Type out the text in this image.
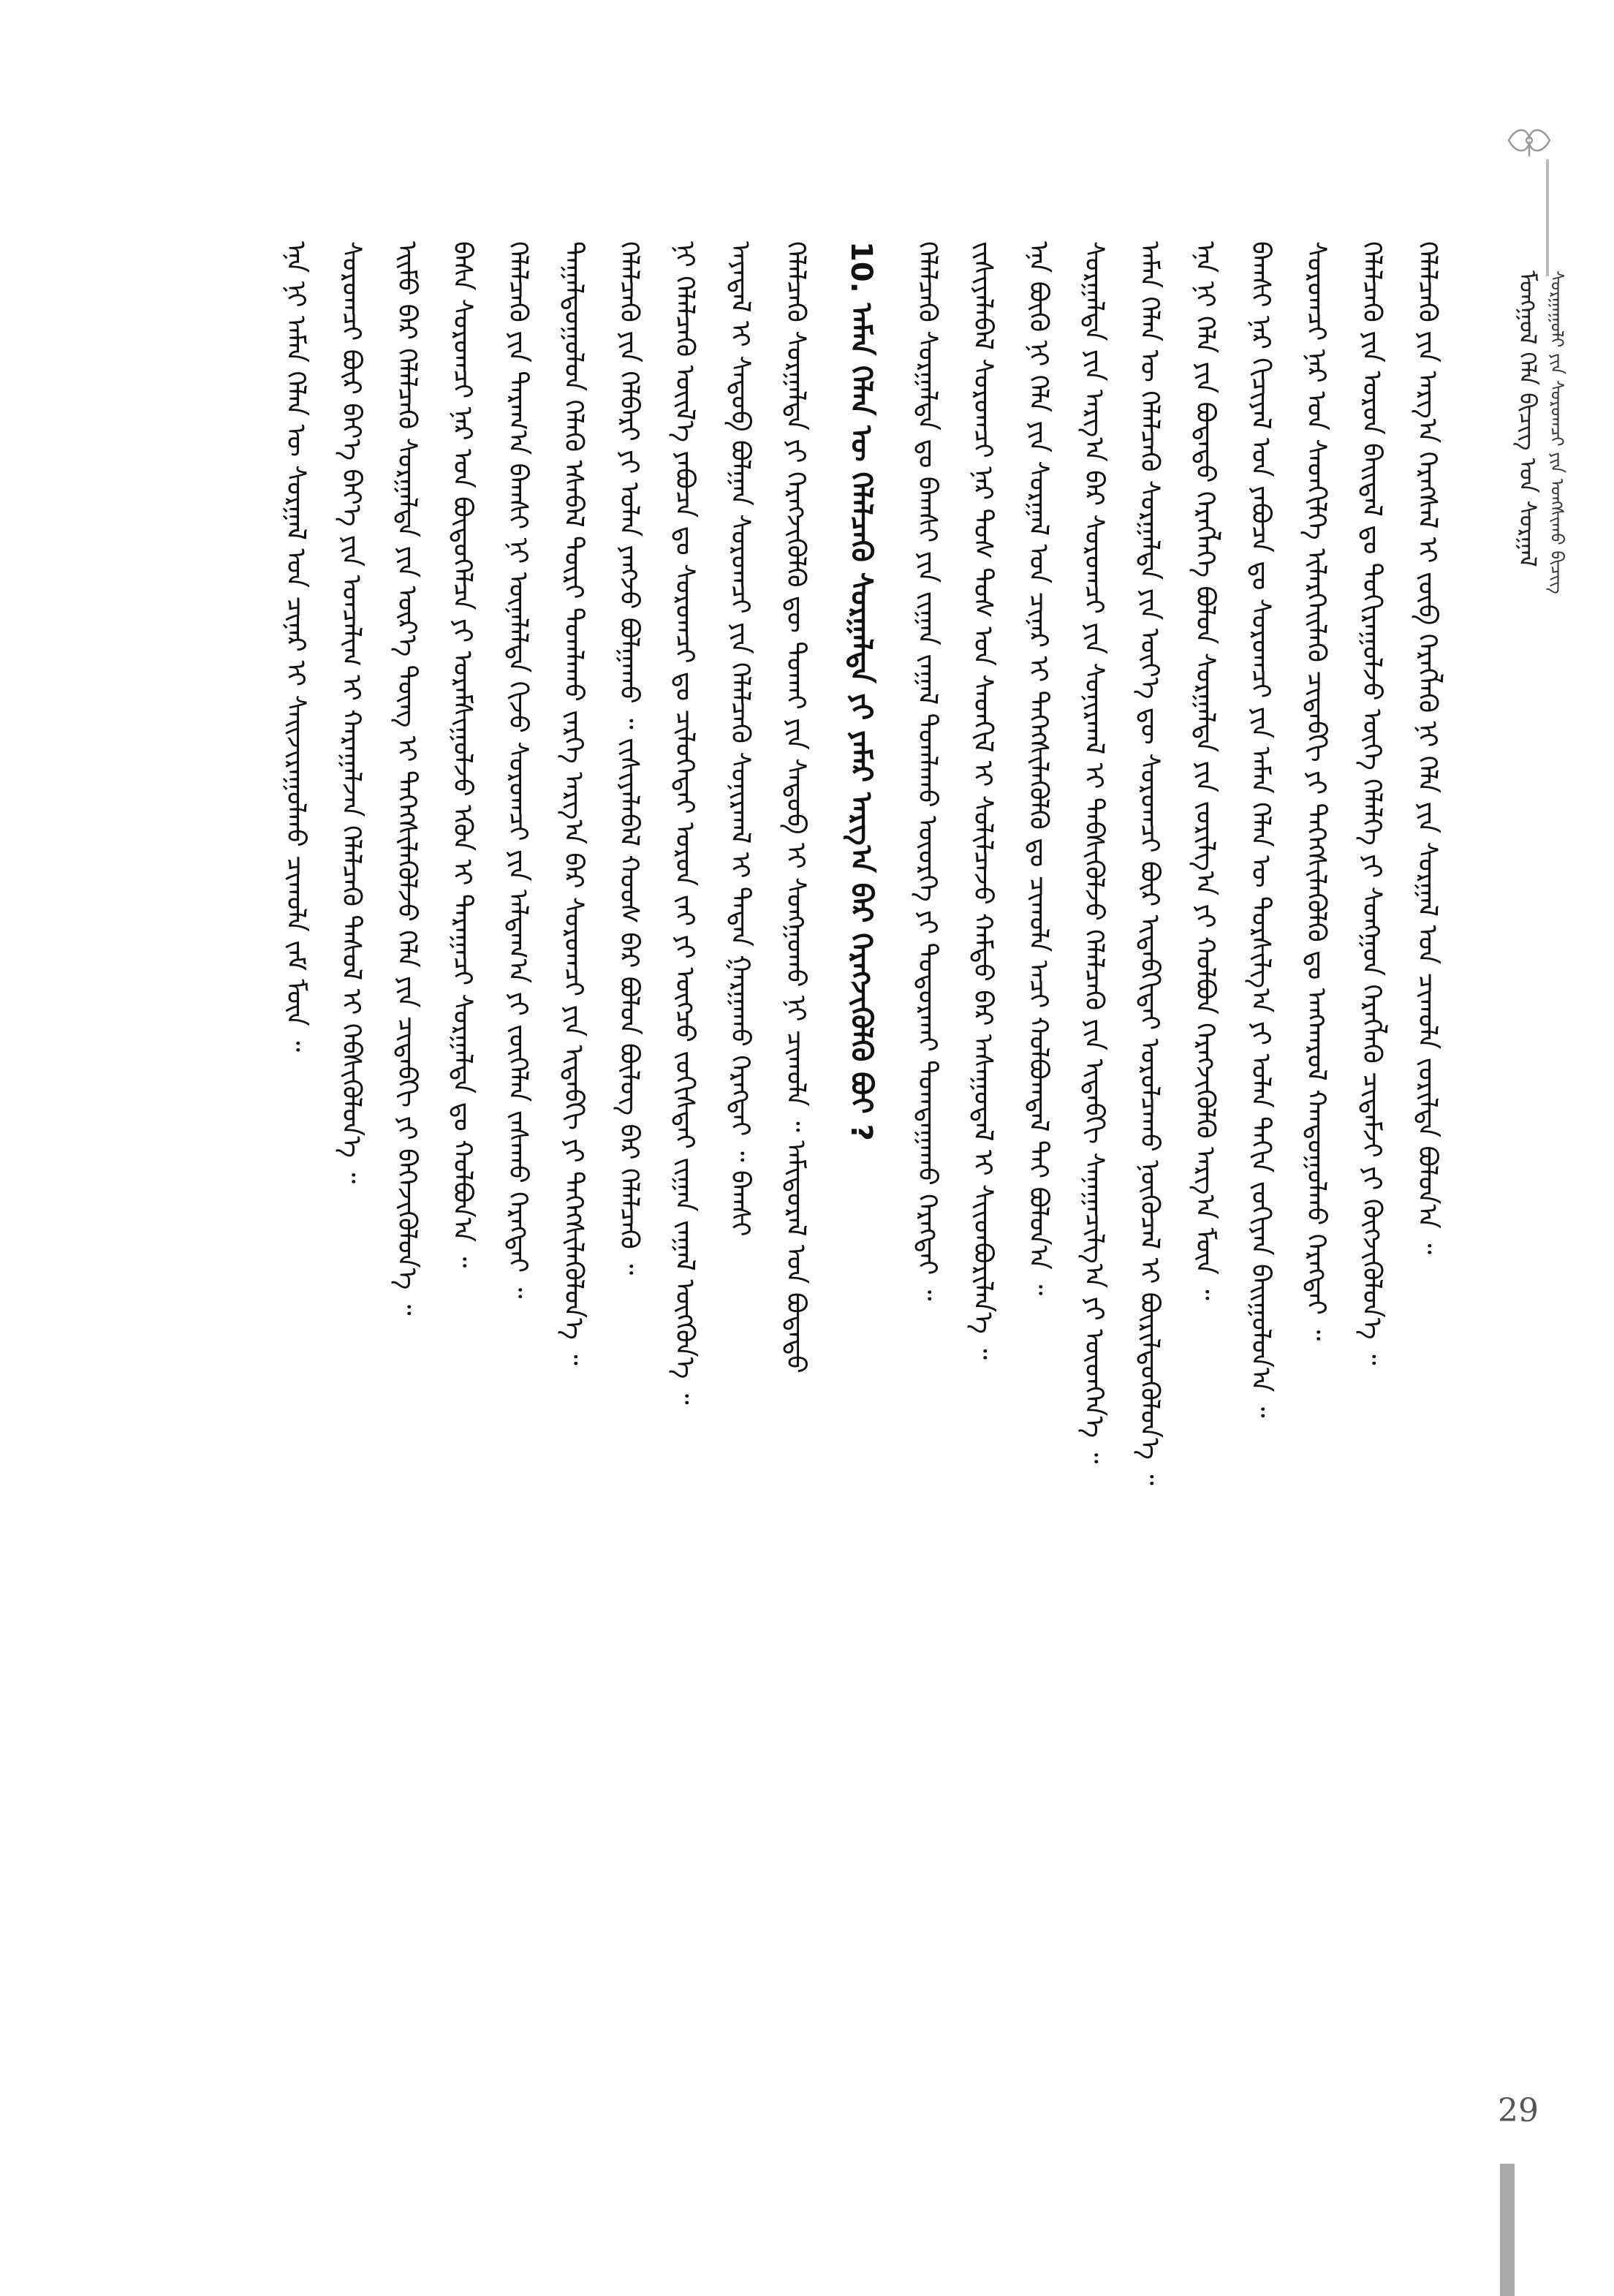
ᠮᠣᠩᠭᠣᠯ ᠬᠡᠯᠡ ᠪᠢᠴᠢᠭ ᠤᠨ ᠰᠤᠷᠭᠠᠯ ᠰᠤᠷᠭᠠᠭᠤᠯᠢ ᠶᠢᠨ ᠰᠤᠷᠤᠭᠴᠢ ᠶᠢᠨ ᠤᠩᠰᠢᠬᠤ ᠪᠢᠴᠢᠭ
ᠬᠡᠯᠡᠯᠴᠡᠬᠦ ᠶᠢᠨ ᠠᠷᠭ᠎ᠠ ᠬᠡᠷᠡᠭᠰᠡᠯ ᠢ ᠵᠥᠪ ᠬᠡᠷᠡᠭᠯᠡᠬᠦ ᠨᠢ ᠬᠡᠯᠡ ᠶᠢᠨ ᠰᠤᠷᠭᠠᠯ ᠤᠨ ᠴᠢᠬᠤᠯᠠ ᠵᠣᠷᠢᠯᠲᠠ ᠪᠣᠯᠤᠨ᠎ᠠ ᠃
ᠬᠡᠯᠡᠯᠴᠡᠬᠦ ᠶᠢᠨ ᠤᠷᠤᠨ ᠪᠠᠢᠳᠠᠯ ᠳᠤ ᠲᠣᠬᠢᠷᠠᠭᠤᠯᠵᠤ ᠦᠭᠡ ᠬᠡᠯᠡᠯᠭᠡ ᠶᠢ ᠰᠣᠩᠭᠣᠨ ᠬᠡᠷᠡᠭᠯᠡᠬᠦ ᠴᠢᠳᠠᠮᠵᠢ ᠶᠢ ᠬᠥᠭᠵᠢᠭᠦᠯᠦᠨ᠎ᠡ ᠃
ᠰᠤᠷᠤᠭᠴᠢ ᠨᠠᠷ ᠤᠨ ᠰᠡᠳᠬᠢᠯᠭᠡ ᠢᠯᠡᠷᠭᠡᠢᠯᠡᠬᠦ ᠴᠢᠳᠠᠪᠬᠢ ᠶᠢ ᠳᠡᠭᠡᠭᠰᠢᠯᠡᠭᠦᠯᠬᠦ ᠳᠤ ᠠᠩᠬᠠᠷᠤᠯ ᠬᠠᠨᠳᠤᠭᠤᠯᠬᠤ ᠬᠡᠷᠡᠭᠲᠡᠢ ᠃
ᠪᠠᠭᠰᠢ ᠨᠠᠷ ᠬᠢᠴᠢᠶᠡᠯ ᠤᠨ ᠶᠠᠪᠤᠴᠠ ᠳᠤ ᠰᠤᠷᠤᠭᠴᠢ ᠶᠢᠨ ᠠᠮᠠᠨ ᠬᠡᠯᠡᠨ ᠦ ᠲᠤᠷᠰᠢᠯᠭ᠎ᠠ ᠶᠢ ᠣᠯᠠᠨ ᠳᠠᠬᠢᠨ ᠵᠣᠬᠢᠶᠠᠨ ᠪᠠᠢᠭᠤᠯᠤᠨ᠎ᠠ ᠃
ᠡᠨᠡ ᠨᠢ ᠬᠡᠯᠡ ᠶᠢᠨ ᠪᠣᠳᠠᠲᠤ ᠬᠡᠷᠡᠭᠯᠡᠭᠡ ᠪᠣᠯᠤᠨ ᠰᠤᠷᠭᠠᠯᠲᠠ ᠶᠢᠨ ᠵᠣᠷᠢᠯᠭ᠎ᠠ ᠶᠢ ᠬᠣᠯᠪᠣᠨ ᠬᠡᠷᠡᠭᠵᠢᠭᠦᠯᠬᠦ ᠠᠷᠭ᠎ᠠ ᠮᠥᠨ ᠃
ᠠᠮᠠᠨ ᠬᠡᠯᠡᠨ ᠦ ᠬᠡᠯᠡᠯᠴᠡᠬᠦ ᠰᠤᠷᠭᠠᠯᠲᠠ ᠶᠢᠨ ᠦᠶ᠎ᠡ ᠳᠦ ᠰᠤᠷᠤᠭᠴᠢ ᠪᠦᠷ ᠢᠳᠡᠪᠬᠢᠲᠡᠢ ᠣᠷᠣᠯᠴᠠᠬᠤ ᠨᠥᠬᠦᠴᠡᠯ ᠢ ᠪᠦᠷᠢᠯᠳᠦᠭᠦᠯᠦᠨ᠎ᠡ ᠃
ᠰᠤᠷᠭᠠᠯᠲᠠ ᠶᠢᠨ ᠠᠷᠭ᠎ᠠ ᠪᠠᠷ ᠰᠤᠷᠤᠭᠴᠢ ᠶᠢᠨ ᠰᠣᠨᠢᠷᠬᠠᠯ ᠢ ᠳᠡᠪᠰᠢᠭᠦᠯᠵᠦ ᠬᠡᠯᠡᠯᠴᠡᠬᠦ ᠶᠢᠨ ᠢᠳᠡᠪᠬᠢ ᠰᠠᠨᠠᠭᠠᠴᠢᠯᠭ᠎ᠠ ᠶᠢ ᠥᠳᠬᠡᠨ᠎ᠡ ᠃
ᠡᠨᠡ ᠪᠦᠬᠦ ᠨᠢ ᠬᠡᠯᠡ ᠶᠢᠨ ᠰᠤᠷᠭᠠᠯ ᠤᠨ ᠴᠢᠨᠠᠷ ᠢ ᠳᠡᠭᠡᠭᠰᠢᠯᠡᠭᠦᠯᠬᠦ ᠳᠤ ᠴᠢᠬᠤᠯᠠ ᠠᠴᠢ ᠬᠣᠯᠪᠣᠭᠳᠠᠯ ᠲᠠᠢ ᠪᠣᠯᠤᠨ᠎ᠠ ᠃
ᠵᠢᠱᠢᠶᠡᠯᠡᠪᠡᠯ ᠰᠤᠷᠤᠭᠴᠢ ᠨᠠᠷ ᠲᠤᠰ ᠲᠤᠰ ᠤᠨ ᠰᠡᠳᠬᠢᠯ ᠢ ᠰᠣᠯᠢᠯᠴᠠᠵᠤ ᠬᠠᠮᠲᠤ ᠪᠡᠷ ᠠᠰᠠᠭᠤᠳᠠᠯ ᠢ ᠰᠢᠢᠳᠪᠦᠷᠢᠯᠡᠨ᠎ᠡ ᠃
ᠬᠡᠯᠡᠯᠴᠡᠬᠦ ᠰᠤᠷᠭᠠᠯᠲᠠ ᠳᠤ ᠪᠠᠭᠰᠢ ᠶᠢᠨ ᠵᠢᠭᠠᠨ ᠵᠠᠭᠠᠯ ᠲᠣᠭᠯᠠᠬᠤ ᠦᠦᠷᠭᠡ ᠶᠢ ᠲᠣᠳᠤᠷᠬᠠᠢ ᠲᠣᠭᠲᠠᠭᠠᠬᠤ ᠬᠡᠷᠡᠭᠲᠡᠢ ᠃
10. ᠠᠮᠠᠨ ᠬᠡᠯᠡᠨ ᠦ ᠬᠡᠯᠡᠯᠴᠡᠬᠦ ᠰᠤᠷᠭᠠᠯᠲᠠ ᠶᠢ ᠶᠠᠮᠠᠷ ᠠᠷᠭ᠎ᠠ ᠪᠠᠷ ᠬᠡᠷᠡᠭᠵᠢᠭᠦᠯᠬᠦ ᠪᠤᠢ ?
ᠬᠡᠯᠡᠯᠴᠡᠬᠦ ᠰᠤᠷᠭᠠᠯᠲᠠ ᠶᠢ ᠬᠡᠷᠡᠭᠵᠢᠭᠦᠯᠬᠦ ᠳᠦ ᠲᠤᠬᠠᠢ ᠶᠢᠨ ᠰᠡᠳᠦᠪ ᠢ ᠰᠣᠩᠭᠣᠬᠤ ᠨᠢ ᠴᠢᠬᠤᠯᠠ ᠃ ᠠᠮᠢᠳᠤᠷᠠᠯ ᠤᠨ ᠪᠣᠳᠠᠲᠤ
ᠠᠶᠠᠳᠠᠯ ᠢ ᠰᠡᠳᠦᠪ ᠪᠣᠯᠭᠠᠨ ᠰᠤᠷᠤᠭᠴᠢ ᠶᠢᠨ ᠬᠡᠯᠡᠯᠴᠡᠬᠦ ᠰᠣᠨᠢᠷᠬᠠᠯ ᠢ ᠲᠠᠲᠠᠨ ᠭᠠᠷᠭᠠᠬᠤ ᠬᠡᠷᠡᠭᠲᠡᠢ ᠃ ᠪᠠᠭᠰᠢ
ᠨᠢ ᠬᠡᠯᠡᠯᠴᠡᠬᠦ ᠦᠢᠯ᠎ᠡ ᠶᠠᠪᠤᠴᠠ ᠳᠤ ᠰᠤᠷᠤᠭᠴᠢ ᠳᠤ ᠴᠢᠯᠦᠭᠡᠲᠡᠢ ᠤᠷᠤᠨ ᠵᠠᠢ ᠶᠢ ᠥᠭᠴᠦ ᠵᠣᠬᠢᠰᠲᠠᠢ ᠵᠢᠭᠠᠨ ᠵᠠᠭᠠᠯ ᠥᠭᠭᠦᠨ᠎ᠡ ᠃
ᠬᠡᠯᠡᠯᠴᠡᠬᠦ ᠶᠢᠨ ᠬᠡᠯᠪᠡᠷᠢ ᠶᠢ ᠣᠯᠠᠨ ᠶᠠᠩᠵᠤ ᠪᠣᠯᠭᠠᠬᠤ ᠃ ᠵᠢᠱᠢᠶᠡᠯᠡᠪᠡᠯ ᠬᠣᠣᠰ ᠪᠡᠷ ᠪᠣᠯᠤᠨ ᠪᠦᠯᠦᠭ ᠪᠡᠷ ᠬᠡᠯᠡᠯᠴᠡᠬᠦ ᠃
ᠳᠠᠭᠠᠯᠳᠤᠭᠤᠯᠤᠨ ᠬᠡᠯᠡᠬᠦ ᠡᠰᠡᠪᠡᠯ ᠳᠦᠷᠢ ᠲᠣᠭᠯᠠᠬᠤ ᠵᠡᠷᠭᠡ ᠠᠷᠭ᠎ᠠ ᠪᠠᠷ ᠰᠤᠷᠤᠭᠴᠢ ᠶᠢᠨ ᠢᠳᠡᠪᠬᠢ ᠶᠢ ᠳᠡᠭᠡᠭᠰᠢᠯᠡᠭᠦᠯᠦᠨ᠎ᠡ ᠃
ᠬᠡᠯᠡᠯᠴᠡᠬᠦ ᠶᠢᠨ ᠳᠠᠷᠠᠭ᠎ᠠ ᠪᠠᠭᠰᠢ ᠨᠢ ᠦᠨᠡᠯᠡᠯᠲᠡ ᠬᠢᠵᠦ ᠰᠤᠷᠤᠭᠴᠢ ᠶᠢᠨ ᠠᠯᠳᠠᠭ᠎ᠠ ᠶᠢ ᠵᠥᠭᠡᠯᠡᠨ ᠵᠠᠰᠠᠬᠤ ᠬᠡᠷᠡᠭᠲᠡᠢ ᠃
ᠪᠡᠰᠡ ᠰᠤᠷᠤᠭᠴᠢ ᠨᠠᠷ ᠤᠨ ᠪᠦᠲᠦᠭᠡᠯᠴᠡ ᠶᠢ ᠤᠷᠠᠮᠰᠢᠭᠤᠯᠵᠤ ᠡᠭᠦᠨ ᠢ ᠳᠠᠷᠠᠭᠠᠴᠢ ᠰᠤᠷᠭᠠᠯᠲᠠ ᠳᠤ ᠬᠣᠯᠪᠣᠨ᠎ᠠ ᠃
ᠡᠢᠮᠦ ᠪᠡᠷ ᠬᠡᠯᠡᠯᠴᠡᠬᠦ ᠰᠤᠷᠭᠠᠯᠲᠠ ᠶᠢᠨ ᠦᠷ᠎ᠡ ᠳᠦᠩ ᠢ ᠳᠡᠭᠡᠭᠰᠢᠯᠡᠭᠦᠯᠵᠦ ᠬᠡᠯᠡ ᠶᠢᠨ ᠴᠢᠳᠠᠪᠬᠢ ᠶᠢ ᠪᠡᠬᠡᠵᠢᠭᠦᠯᠦᠨ᠎ᠡ ᠃
ᠰᠤᠷᠤᠭᠴᠢ ᠪᠦᠷ ᠪᠡᠶ᠎ᠡ ᠪᠡᠶ᠎ᠡ ᠶᠢᠨ ᠣᠨᠴᠠᠯᠢᠭ ᠢ ᠬᠠᠷᠠᠭᠠᠯᠵᠠᠨ ᠬᠡᠯᠡᠯᠴᠡᠬᠦ ᠳᠠᠰᠤᠯ ᠢ ᠬᠡᠪᠰᠢᠭᠦᠯᠦᠨ᠎ᠡ ᠃
ᠡᠨᠡ ᠨᠢ ᠠᠮᠠᠨ ᠬᠡᠯᠡᠨ ᠦ ᠰᠤᠷᠭᠠᠯ ᠤᠨ ᠴᠢᠨᠠᠷ ᠢ ᠰᠠᠢᠵᠢᠷᠠᠭᠤᠯᠬᠤ ᠴᠢᠬᠤᠯᠠ ᠵᠠᠮ ᠮᠥᠨ ᠃
29
